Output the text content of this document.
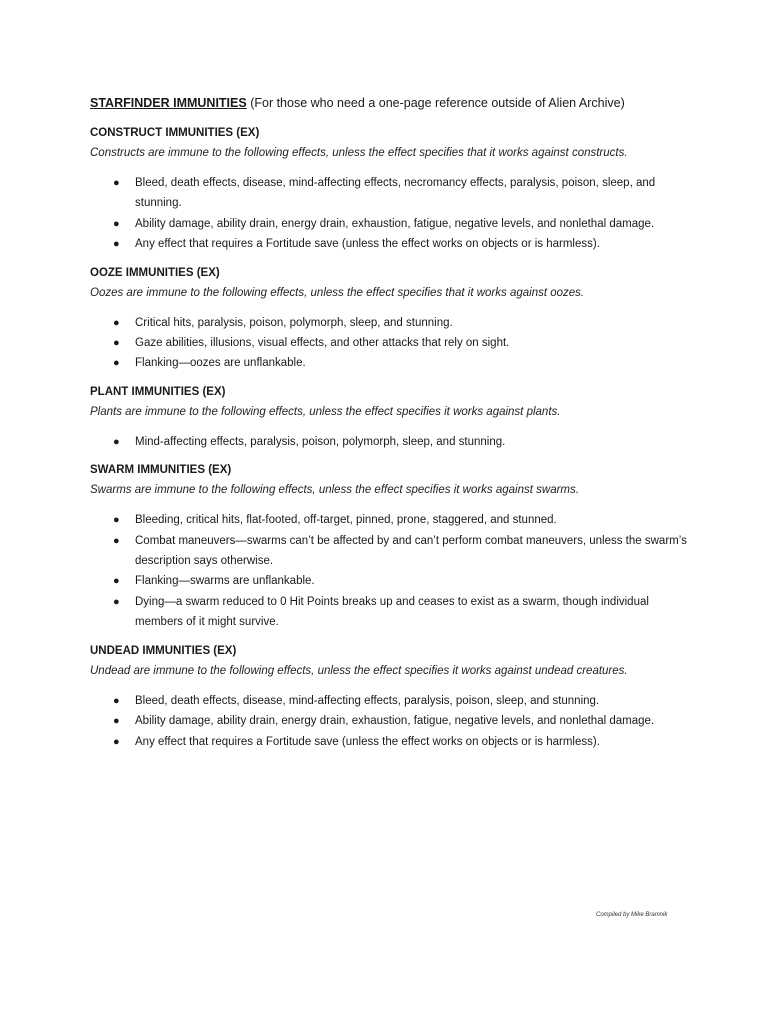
STARFINDER IMMUNITIES (For those who need a one-page reference outside of Alien Archive)

CONSTRUCT IMMUNITIES (EX)

Constructs are immune to the following effects, unless the effect specifies that it works against constructs.

● Bleed, death effects, disease, mind-affecting effects, necromancy effects, paralysis, poison, sleep, and stunning.
● Ability damage, ability drain, energy drain, exhaustion, fatigue, negative levels, and nonlethal damage.
● Any effect that requires a Fortitude save (unless the effect works on objects or is harmless).

OOZE IMMUNITIES (EX)

Oozes are immune to the following effects, unless the effect specifies that it works against oozes.

● Critical hits, paralysis, poison, polymorph, sleep, and stunning.
● Gaze abilities, illusions, visual effects, and other attacks that rely on sight.
● Flanking—oozes are unflankable.

PLANT IMMUNITIES (EX)

Plants are immune to the following effects, unless the effect specifies it works against plants.

● Mind-affecting effects, paralysis, poison, polymorph, sleep, and stunning.

SWARM IMMUNITIES (EX)

Swarms are immune to the following effects, unless the effect specifies it works against swarms.

● Bleeding, critical hits, flat-footed, off-target, pinned, prone, staggered, and stunned.
● Combat maneuvers—swarms can’t be affected by and can’t perform combat maneuvers, unless the swarm’s description says otherwise.
● Flanking—swarms are unflankable.
● Dying—a swarm reduced to 0 Hit Points breaks up and ceases to exist as a swarm, though individual members of it might survive.

UNDEAD IMMUNITIES (EX)

Undead are immune to the following effects, unless the effect specifies it works against undead creatures.

● Bleed, death effects, disease, mind-affecting effects, paralysis, poison, sleep, and stunning.
● Ability damage, ability drain, energy drain, exhaustion, fatigue, negative levels, and nonlethal damage.
● Any effect that requires a Fortitude save (unless the effect works on objects or is harmless).
Compiled by Mike Bramnik
